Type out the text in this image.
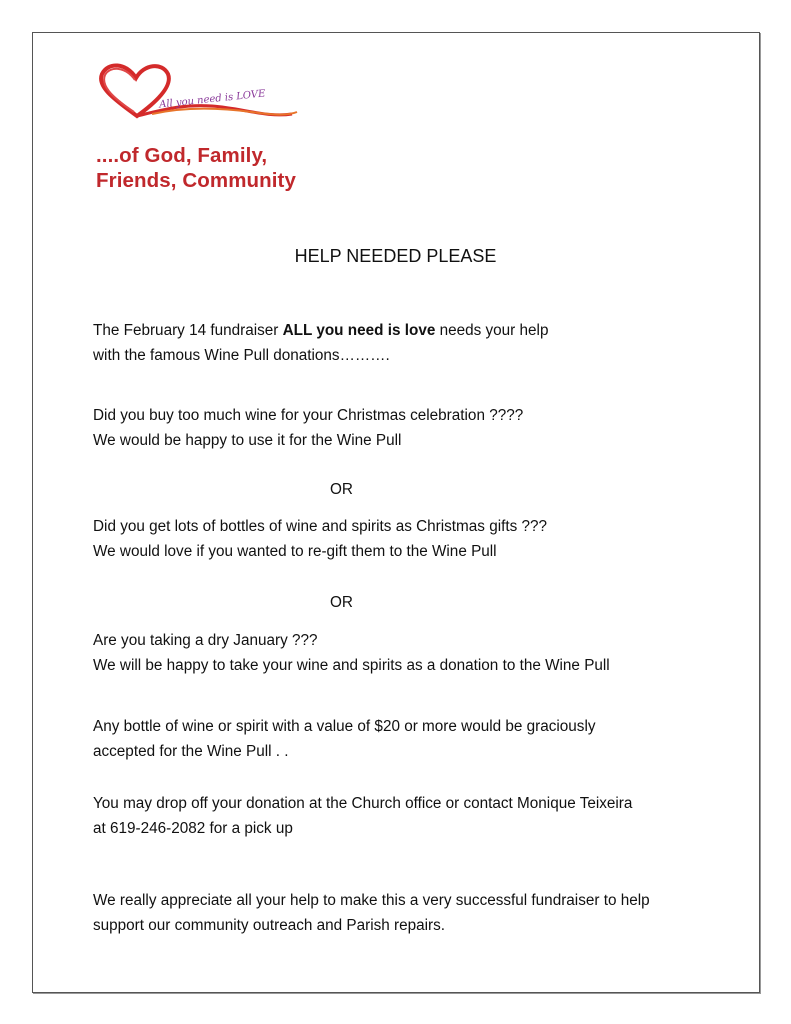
All you need is LOVE
....of God, Family,
Friends, Community
HELP NEEDED PLEASE
The February 14 fundraiser ALL you need is love needs your help
with the famous Wine Pull donations……….
Did you buy too much wine for your Christmas celebration ????
We would be happy to use it for the Wine Pull
OR
Did you get lots of bottles of wine and spirits as Christmas gifts ???
We would love if you wanted to re-gift them to the Wine Pull
OR
Are you taking a dry January ???
We will be happy to take your wine and spirits as a donation to the Wine Pull
Any bottle of wine or spirit with a value of $20 or more would be graciously
accepted for the Wine Pull . .
You may drop off your donation at the Church office or contact Monique Teixeira
at 619-246-2082 for a pick up
We really appreciate all your help to make this a very successful fundraiser to help
support our community outreach and Parish repairs.
